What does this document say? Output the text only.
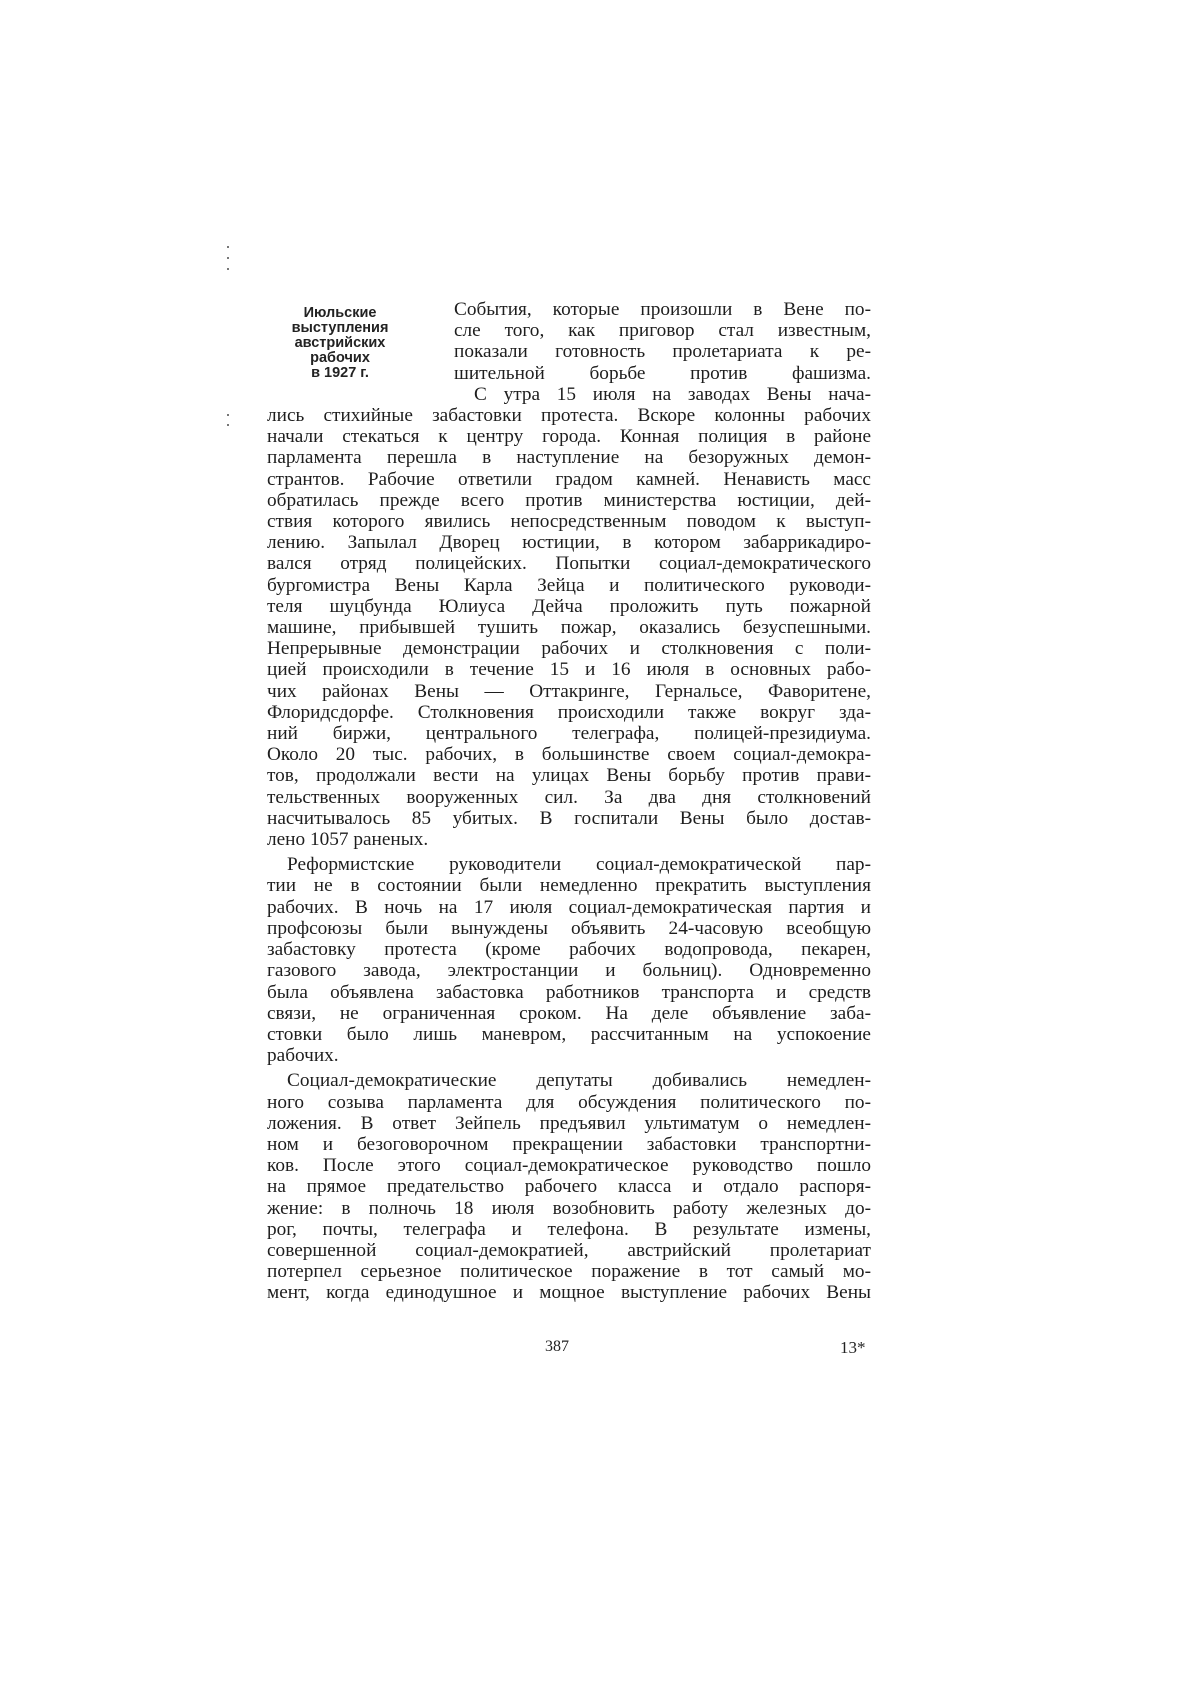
Июльские
выступления
австрийских
рабочих
в 1927 г.
События, которые произошли в Вене по-
сле того, как приговор стал известным,
показали готовность пролетариата к ре-
шительной борьбе против фашизма.
С утра 15 июля на заводах Вены нача-
лись стихийные забастовки протеста. Вскоре колонны рабочих
начали стекаться к центру города. Конная полиция в районе
парламента перешла в наступление на безоружных демон-
странтов. Рабочие ответили градом камней. Ненависть масс
обратилась прежде всего против министерства юстиции, дей-
ствия которого явились непосредственным поводом к выступ-
лению. Запылал Дворец юстиции, в котором забаррикадиро-
вался отряд полицейских. Попытки социал-демократического
бургомистра Вены Карла Зейца и политического руководи-
теля шуцбунда Юлиуса Дейча проложить путь пожарной
машине, прибывшей тушить пожар, оказались безуспешными.
Непрерывные демонстрации рабочих и столкновения с поли-
цией происходили в течение 15 и 16 июля в основных рабо-
чих районах Вены — Оттакринге, Гернальсе, Фаворитене,
Флоридсдорфе. Столкновения происходили также вокруг зда-
ний биржи, центрального телеграфа, полицей-президиума.
Около 20 тыс. рабочих, в большинстве своем социал-демокра-
тов, продолжали вести на улицах Вены борьбу против прави-
тельственных вооруженных сил. За два дня столкновений
насчитывалось 85 убитых. В госпитали Вены было достав-
лено 1057 раненых.
Реформистские руководители социал-демократической пар-
тии не в состоянии были немедленно прекратить выступления
рабочих. В ночь на 17 июля социал-демократическая партия и
профсоюзы были вынуждены объявить 24-часовую всеобщую
забастовку протеста (кроме рабочих водопровода, пекарен,
газового завода, электростанции и больниц). Одновременно
была объявлена забастовка работников транспорта и средств
связи, не ограниченная сроком. На деле объявление заба-
стовки было лишь маневром, рассчитанным на успокоение
рабочих.
Социал-демократические депутаты добивались немедлен-
ного созыва парламента для обсуждения политического по-
ложения. В ответ Зейпель предъявил ультиматум о немедлен-
ном и безоговорочном прекращении забастовки транспортни-
ков. После этого социал-демократическое руководство пошло
на прямое предательство рабочего класса и отдало распоря-
жение: в полночь 18 июля возобновить работу железных до-
рог, почты, телеграфа и телефона. В результате измены,
совершенной социал-демократией, австрийский пролетариат
потерпел серьезное политическое поражение в тот самый мо-
мент, когда единодушное и мощное выступление рабочих Вены
387	13*
